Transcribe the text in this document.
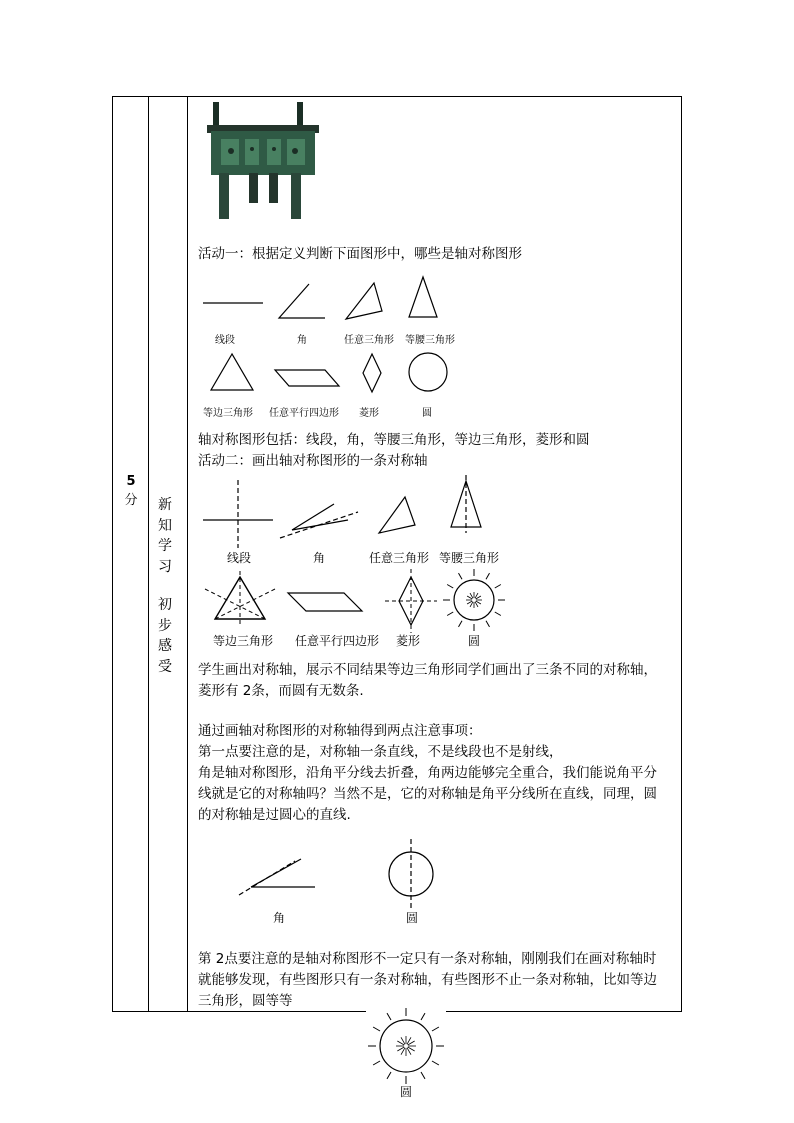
5
分	新
知
学
习
初
步
感
受
活动一：根据定义判断下面图形中，哪些是轴对称图形
线段	角	任意三角形 等腰三角形
等边三角形 任意平行四边形 菱形	圆
轴对称图形包括：线段，角，等腰三角形，等边三角形，菱形和圆
活动二：画出轴对称图形的一条对称轴
线段	角	任意三角形 等腰三角形
等边三角形 任意平行四边形 菱形	圆
学生画出对称轴，展示不同结果等边三角形同学们画出了三条不同的对称轴，
菱形有 2条，而圆有无数条.
通过画轴对称图形的对称轴得到两点注意事项：
第一点要注意的是，对称轴一条直线，不是线段也不是射线，
角是轴对称图形，沿角平分线去折叠，角两边能够完全重合，我们能说角平分
线就是它的对称轴吗？当然不是，它的对称轴是角平分线所在直线，同理，圆
的对称轴是过圆心的直线.
角	圆
第 2点要注意的是轴对称图形不一定只有一条对称轴，刚刚我们在画对称轴时
就能够发现，有些图形只有一条对称轴，有些图形不止一条对称轴，比如等边
三角形，圆等等
圆
